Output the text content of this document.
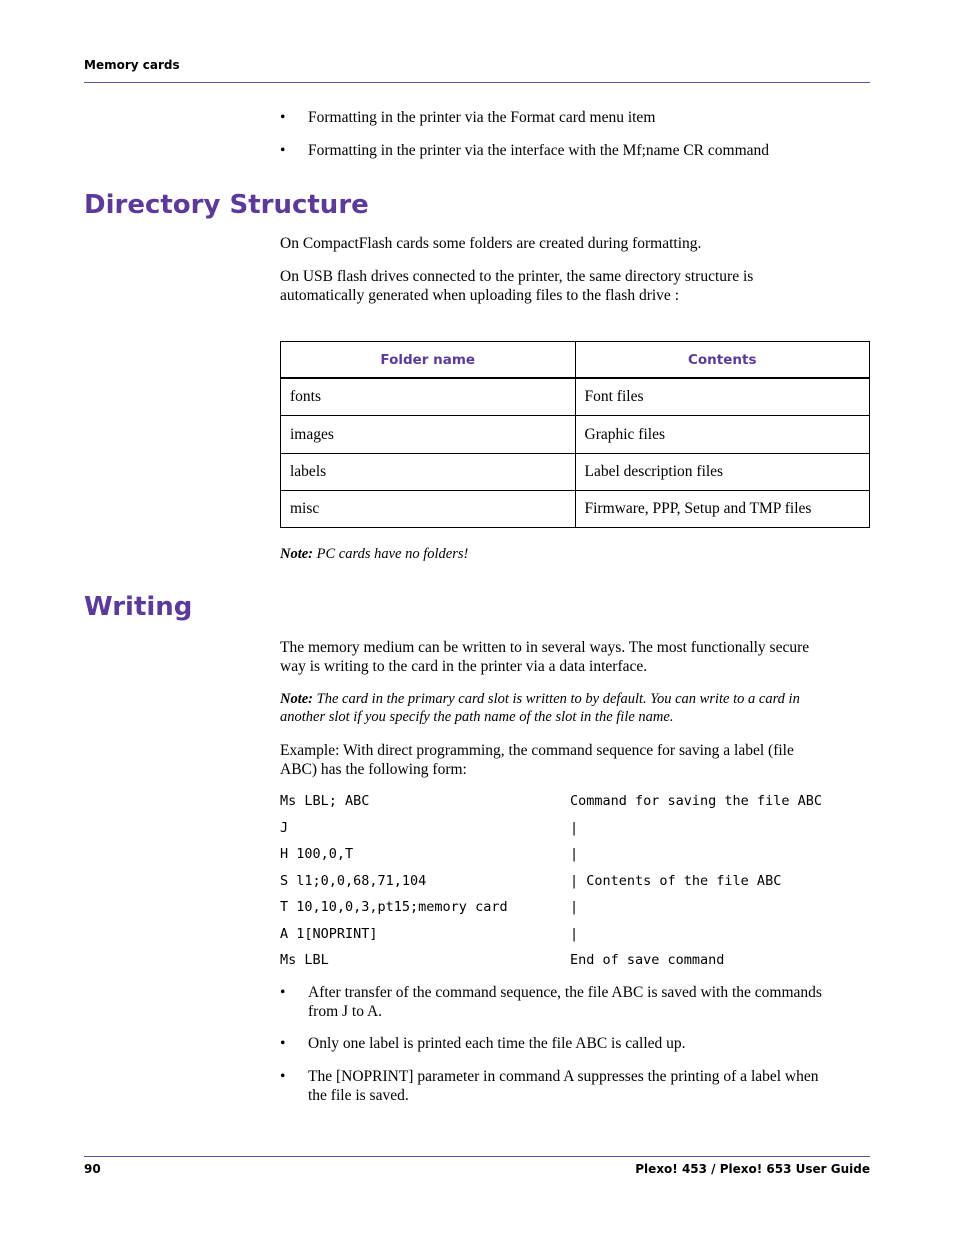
Memory cards
• Formatting in the printer via the Format card menu item
• Formatting in the printer via the interface with the Mf;name CR command
Directory Structure
On CompactFlash cards some folders are created during formatting.
On USB flash drives connected to the printer, the same directory structure is
automatically generated when uploading files to the flash drive :
Folder name	Contents
fonts	Font files
images	Graphic files
labels	Label description files
misc	Firmware, PPP, Setup and TMP files
Note: PC cards have no folders!
Writing
The memory medium can be written to in several ways. The most functionally secure
way is writing to the card in the printer via a data interface.
Note: The card in the primary card slot is written to by default. You can write to a card in
another slot if you specify the path name of the slot in the file name.
Example: With direct programming, the command sequence for saving a label (file
ABC) has the following form:
Ms LBL; ABC	Command for saving the file ABC
J	|
H 100,0,T	|
S l1;0,0,68,71,104	| Contents of the file ABC
T 10,10,0,3,pt15;memory card	|
A 1[NOPRINT]	|
Ms LBL	End of save command
• After transfer of the command sequence, the file ABC is saved with the commands
from J to A.
• Only one label is printed each time the file ABC is called up.
• The [NOPRINT] parameter in command A suppresses the printing of a label when
the file is saved.
90	Plexo! 453 / Plexo! 653 User Guide
